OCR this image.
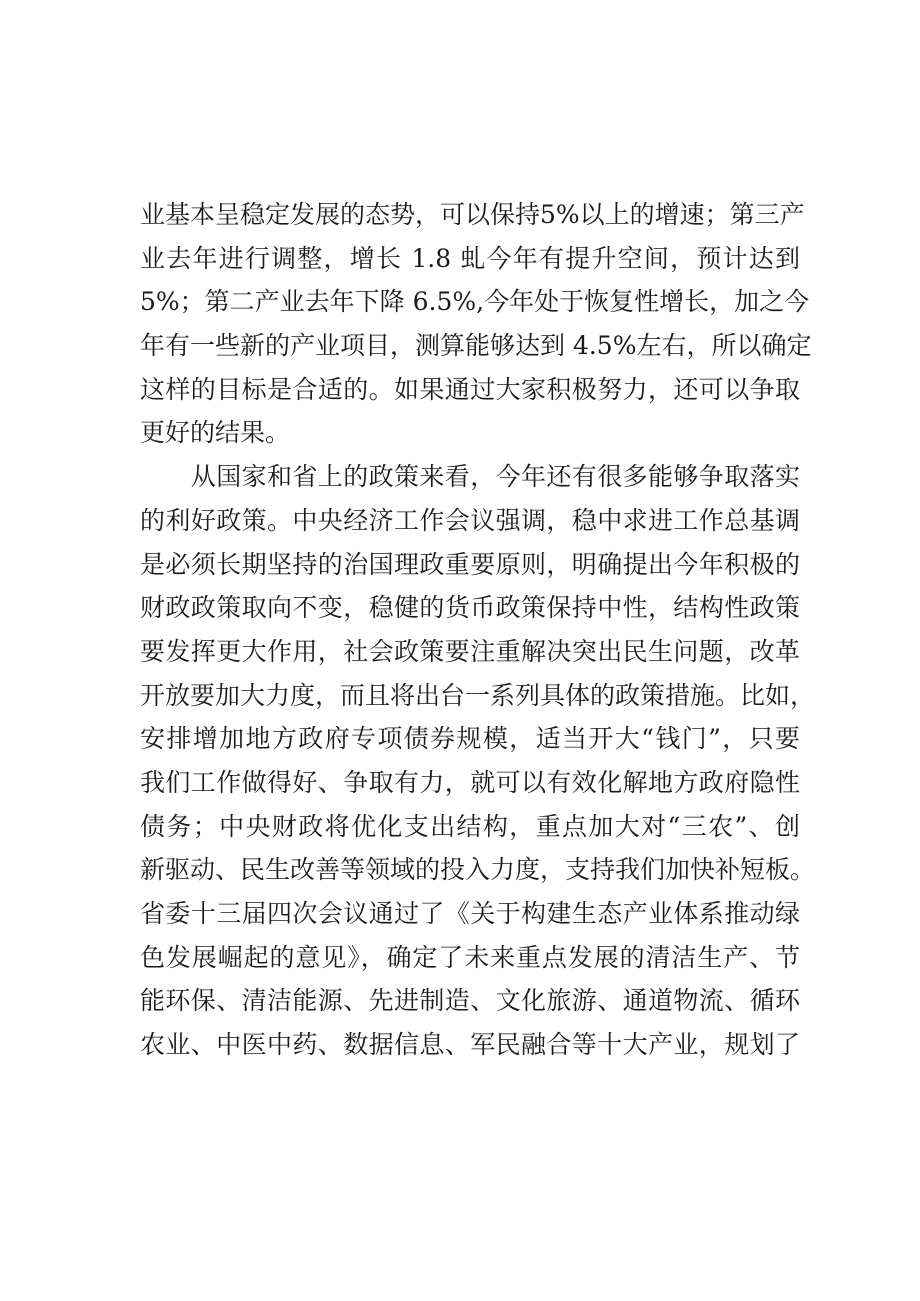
业基本呈稳定发展的态势，可以保持5%以上的增速；第三产
业去年进行调整，增长 1.8 虬今年有提升空间，预计达到
5%；第二产业去年下降 6.5%,今年处于恢复性增长，加之今
年有一些新的产业项目，测算能够达到 4.5%左右，所以确定
这样的目标是合适的。如果通过大家积极努力，还可以争取
更好的结果。
　　从国家和省上的政策来看，今年还有很多能够争取落实
的利好政策。中央经济工作会议强调，稳中求进工作总基调
是必须长期坚持的治国理政重要原则，明确提出今年积极的
财政政策取向不变，稳健的货币政策保持中性，结构性政策
要发挥更大作用，社会政策要注重解决突出民生问题，改革
开放要加大力度，而且将出台一系列具体的政策措施。比如，
安排增加地方政府专项债券规模，适当开大“钱门”，只要
我们工作做得好、争取有力，就可以有效化解地方政府隐性
债务；中央财政将优化支出结构，重点加大对“三农”、创
新驱动、民生改善等领域的投入力度，支持我们加快补短板。
省委十三届四次会议通过了《关于构建生态产业体系推动绿
色发展崛起的意见》，确定了未来重点发展的清洁生产、节
能环保、清洁能源、先进制造、文化旅游、通道物流、循环
农业、中医中药、数据信息、军民融合等十大产业，规划了
